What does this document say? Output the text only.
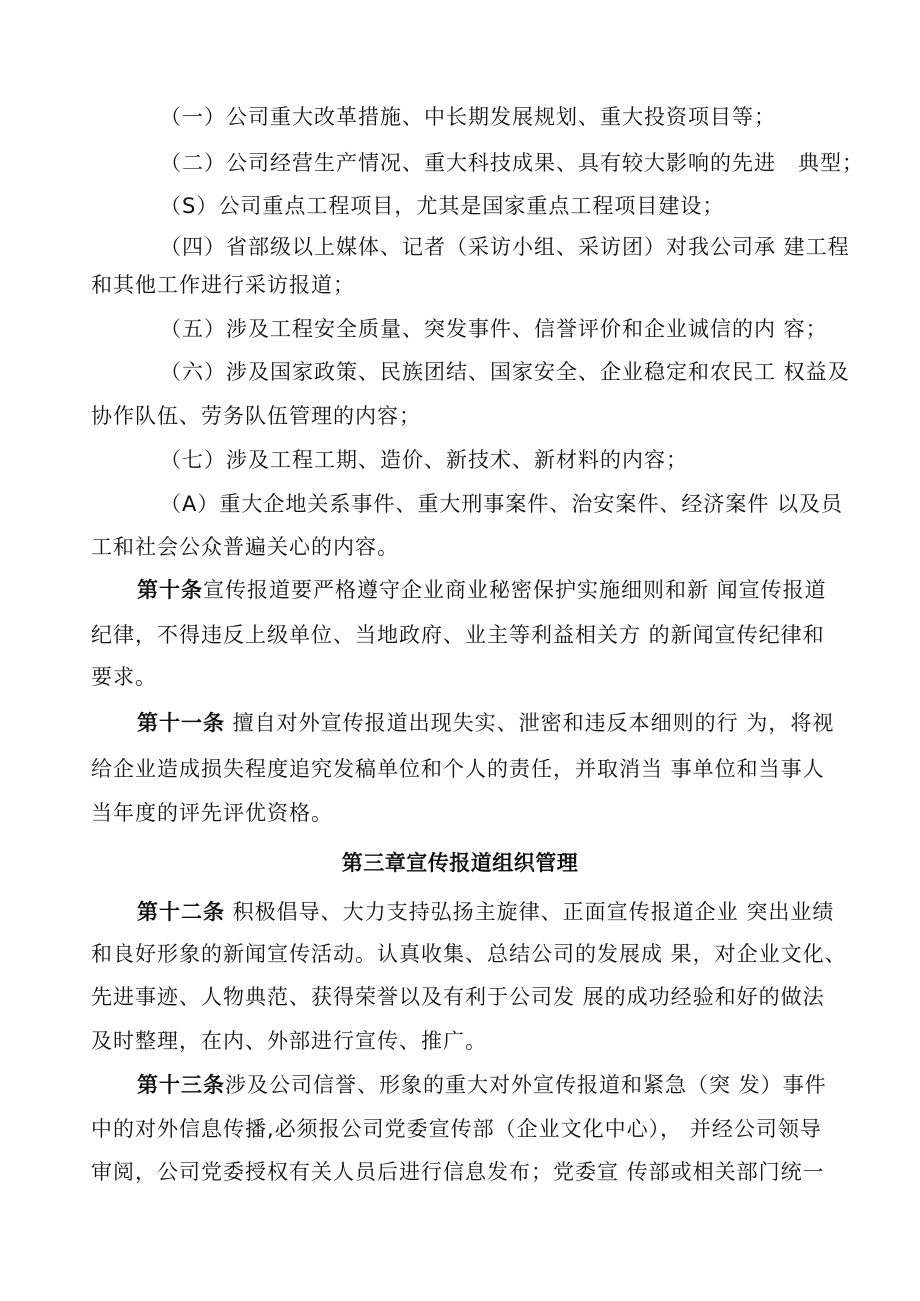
（一）公司重大改革措施、中长期发展规划、重大投资项目等；
（二）公司经营生产情况、重大科技成果、具有较大影响的先进　典型；
（S）公司重点工程项目，尤其是国家重点工程项目建设；
（四）省部级以上媒体、记者（采访小组、采访团）对我公司承 建工程
和其他工作进行采访报道；
（五）涉及工程安全质量、突发事件、信誉评价和企业诚信的内 容；
（六）涉及国家政策、民族团结、国家安全、企业稳定和农民工 权益及
协作队伍、劳务队伍管理的内容；
（七）涉及工程工期、造价、新技术、新材料的内容；
（A）重大企地关系事件、重大刑事案件、治安案件、经济案件 以及员
工和社会公众普遍关心的内容。
第十条宣传报道要严格遵守企业商业秘密保护实施细则和新 闻宣传报道
纪律，不得违反上级单位、当地政府、业主等利益相关方 的新闻宣传纪律和
要求。
第十一条 擅自对外宣传报道出现失实、泄密和违反本细则的行 为，将视
给企业造成损失程度追究发稿单位和个人的责任，并取消当 事单位和当事人
当年度的评先评优资格。
第三章宣传报道组织管理
第十二条 积极倡导、大力支持弘扬主旋律、正面宣传报道企业 突出业绩
和良好形象的新闻宣传活动。认真收集、总结公司的发展成 果，对企业文化、
先进事迹、人物典范、获得荣誉以及有利于公司发 展的成功经验和好的做法
及时整理，在内、外部进行宣传、推广。
第十三条涉及公司信誉、形象的重大对外宣传报道和紧急（突 发）事件
中的对外信息传播,必须报公司党委宣传部（企业文化中心）， 并经公司领导
审阅，公司党委授权有关人员后进行信息发布；党委宣 传部或相关部门统一
